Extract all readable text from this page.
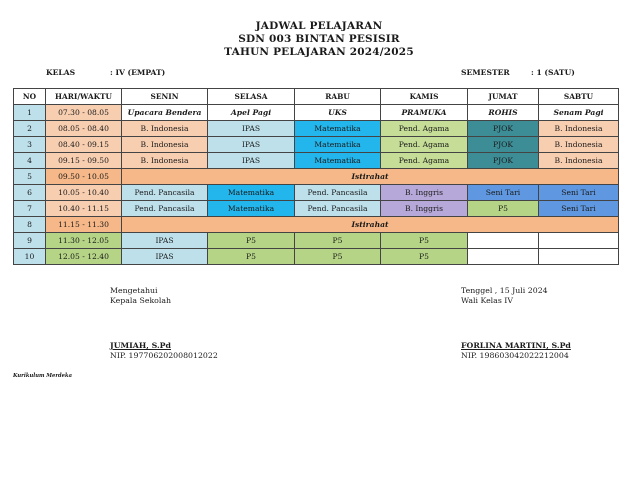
JADWAL PELAJARAN
SDN 003 BINTAN PESISIR
TAHUN PELAJARAN 2024/2025
KELAS	: IV (EMPAT)	SEMESTER	: 1 (SATU)
NO	HARI/WAKTU	SENIN	SELASA	RABU	KAMIS	JUMAT	SABTU
1	07.30 - 08.05	Upacara Bendera	Apel Pagi	UKS	PRAMUKA	ROHIS	Senam Pagi
2	08.05 - 08.40	B. Indonesia	IPAS	Matematika	Pend. Agama	PJOK	B. Indonesia
3	08.40 - 09.15	B. Indonesia	IPAS	Matematika	Pend. Agama	PJOK	B. Indonesia
4	09.15 - 09.50	B. Indonesia	IPAS	Matematika	Pend. Agama	PJOK	B. Indonesia
5	09.50 - 10.05	Istirahat					
6	10.05 - 10.40	Pend. Pancasila	Matematika	Pend. Pancasila	B. Inggris	Seni Tari	Seni Tari
7	10.40 - 11.15	Pend. Pancasila	Matematika	Pend. Pancasila	B. Inggris	P5	Seni Tari
8	11.15 - 11.30	Istirahat					
9	11.30 - 12.05	IPAS	P5	P5	P5		
10	12.05 - 12.40	IPAS	P5	P5	P5		
Mengetahui
Kepala Sekolah
JUMIAH, S.Pd
NIP. 197706202008012022
Tenggel , 15 Juli 2024
Wali Kelas IV
FORLINA MARTINI, S.Pd
NIP. 198603042022212004
Kurikulum Merdeka
